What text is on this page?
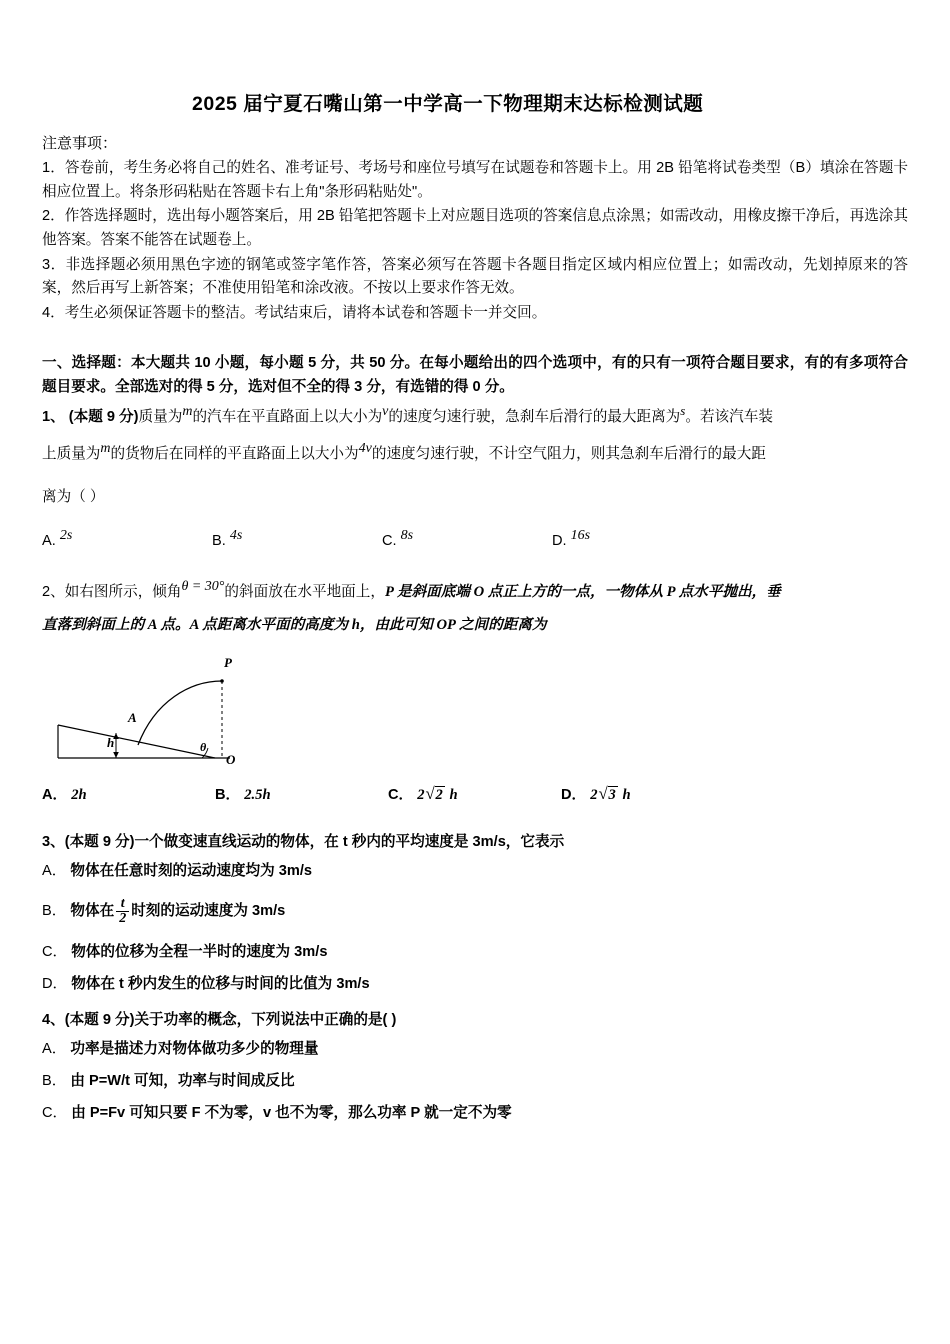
2025 届宁夏石嘴山第一中学高一下物理期末达标检测试题

注意事项：

1．答卷前，考生务必将自己的姓名、准考证号、考场号和座位号填写在试题卷和答题卡上。用 2B 铅笔将试卷类型（B）填涂在答题卡相应位置上。将条形码粘贴在答题卡右上角"条形码粘贴处"。

2．作答选择题时，选出每小题答案后，用 2B 铅笔把答题卡上对应题目选项的答案信息点涂黑；如需改动，用橡皮擦干净后，再选涂其他答案。答案不能答在试题卷上。

3．非选择题必须用黑色字迹的钢笔或签字笔作答，答案必须写在答题卡各题目指定区域内相应位置上；如需改动，先划掉原来的答案，然后再写上新答案；不准使用铅笔和涂改液。不按以上要求作答无效。

4．考生必须保证答题卡的整洁。考试结束后，请将本试卷和答题卡一并交回。

一、选择题：本大题共 10 小题，每小题 5 分，共 50 分。在每小题给出的四个选项中，有的只有一项符合题目要求，有的有多项符合题目要求。全部选对的得 5 分，选对但不全的得 3 分，有选错的得 0 分。
1、 (本题 9 分)质量为m的汽车在平直路面上以大小为v的速度匀速行驶，急刹车后滑行的最大距离为s。若该汽车装
上质量为m的货物后在同样的平直路面上以大小为4v的速度匀速行驶，不计空气阻力，则其急刹车后滑行的最大距
离为（ ）
A. 2s	B. 4s	C. 8s	D. 16s
2、如右图所示，倾角θ = 30°的斜面放在水平地面上，P 是斜面底端 O 点正上方的一点，一物体从 P 点水平抛出，垂
直落到斜面上的 A 点。A 点距离水平面的高度为 h，由此可知 OP 之间的距离为
P
A
h	θ
O
A． 2h	B． 2.5h	C． 2 √ 2 h	D． 2 √ 3 h
3、(本题 9 分)一个做变速直线运动的物体，在 t 秒内的平均速度是 3m/s，它表示
A． 物体在任意时刻的运动速度均为 3m/s
B． 物体在 $\frac{t}{2}$ 时刻的运动速度为 3m/s
C． 物体的位移为全程一半时的速度为 3m/s
D． 物体在 t 秒内发生的位移与时间的比值为 3m/s
4、(本题 9 分)关于功率的概念，下列说法中正确的是( )
A． 功率是描述力对物体做功多少的物理量
B． 由 P=W/t 可知，功率与时间成反比
C． 由 P=Fv 可知只要 F 不为零，v 也不为零，那么功率 P 就一定不为零
